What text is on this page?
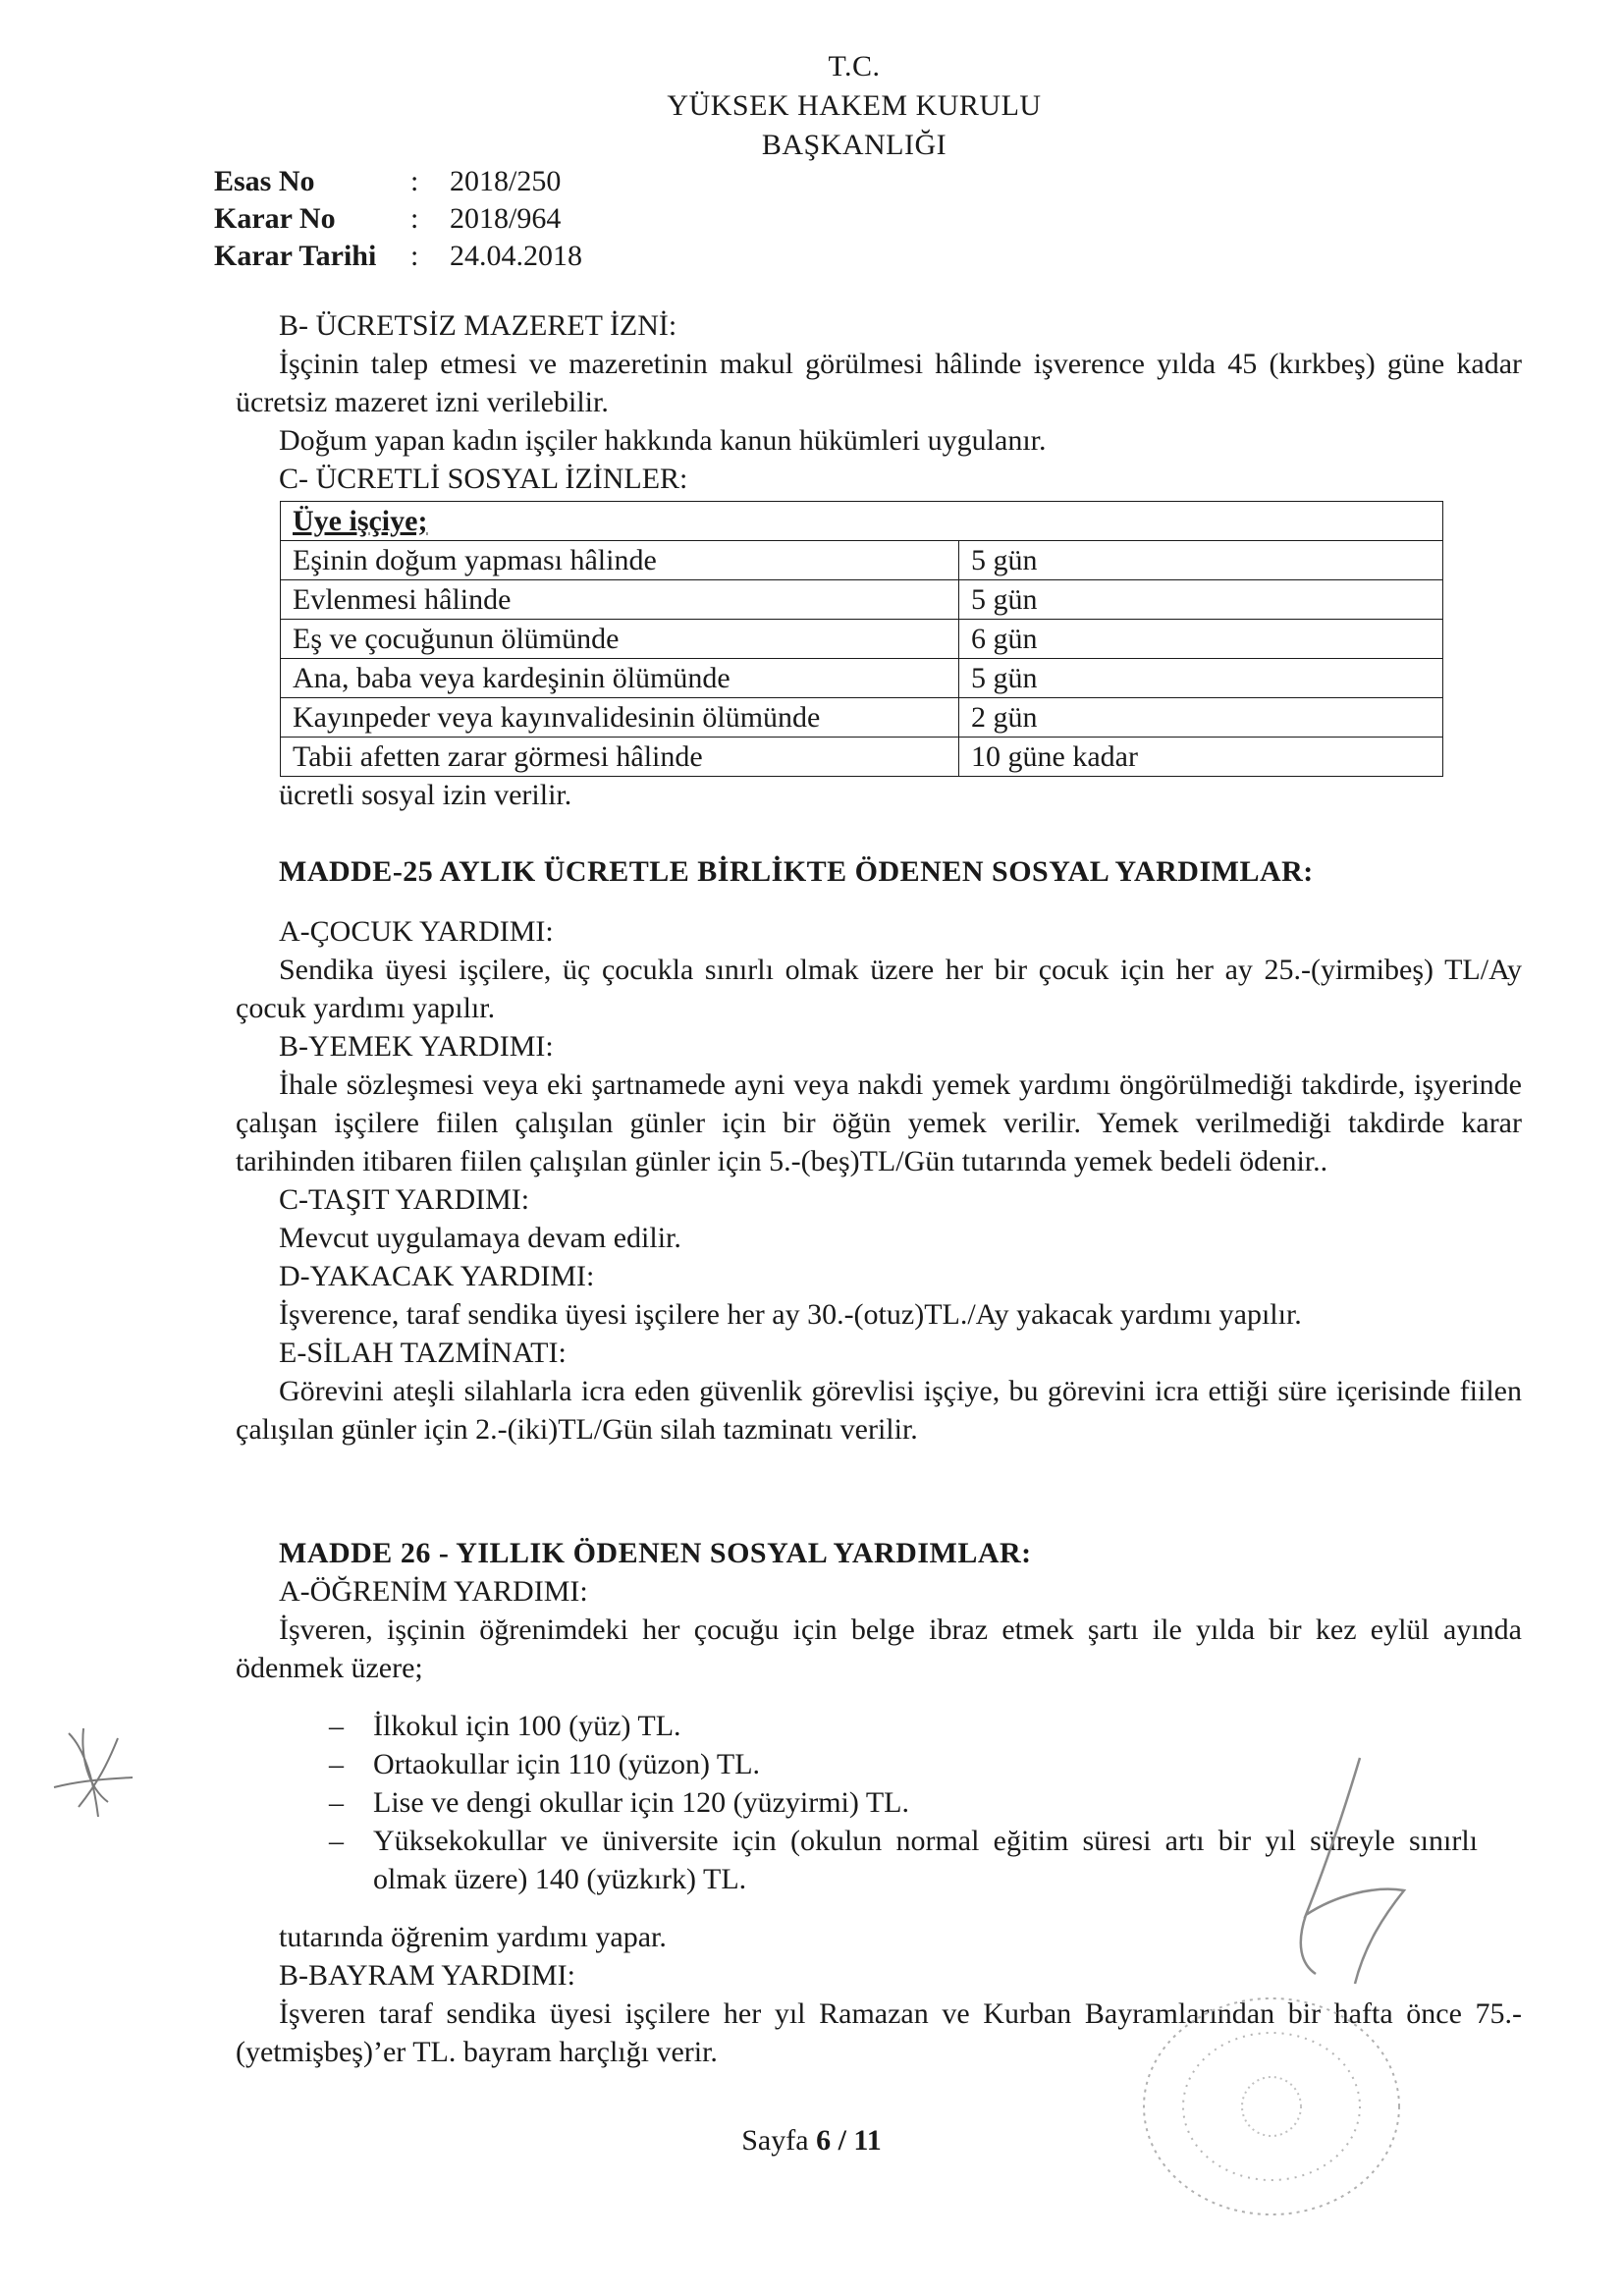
T.C.
YÜKSEK HAKEM KURULU
BAŞKANLIĞI
Esas No	: 2018/250
Karar No	: 2018/964
Karar Tarihi : 24.04.2018
B- ÜCRETSİZ MAZERET İZNİ:
İşçinin talep etmesi ve mazeretinin makul görülmesi hâlinde işverence yılda 45 (kırkbeş) güne kadar ücretsiz mazeret izni verilebilir.
Doğum yapan kadın işçiler hakkında kanun hükümleri uygulanır.
C- ÜCRETLİ SOSYAL İZİNLER:
Üye işçiye;	
Eşinin doğum yapması hâlinde	5 gün
Evlenmesi hâlinde	5 gün
Eş ve çocuğunun ölümünde	6 gün
Ana, baba veya kardeşinin ölümünde	5 gün
Kayınpeder veya kayınvalidesinin ölümünde	2 gün
Tabii afetten zarar görmesi hâlinde	10 güne kadar
ücretli sosyal izin verilir.
MADDE-25 AYLIK ÜCRETLE BİRLİKTE ÖDENEN SOSYAL YARDIMLAR:
A-ÇOCUK YARDIMI:
Sendika üyesi işçilere, üç çocukla sınırlı olmak üzere her bir çocuk için her ay 25.-(yirmibeş) TL/Ay çocuk yardımı yapılır.
B-YEMEK YARDIMI:
İhale sözleşmesi veya eki şartnamede ayni veya nakdi yemek yardımı öngörülmediği takdirde, işyerinde çalışan işçilere fiilen çalışılan günler için bir öğün yemek verilir. Yemek verilmediği takdirde karar tarihinden itibaren fiilen çalışılan günler için 5.-(beş)TL/Gün tutarında yemek bedeli ödenir..
C-TAŞIT YARDIMI:
Mevcut uygulamaya devam edilir.
D-YAKACAK YARDIMI:
İşverence, taraf sendika üyesi işçilere her ay 30.-(otuz)TL./Ay yakacak yardımı yapılır.
E-SİLAH TAZMİNATI:
Görevini ateşli silahlarla icra eden güvenlik görevlisi işçiye, bu görevini icra ettiği süre içerisinde fiilen çalışılan günler için 2.-(iki)TL/Gün silah tazminatı verilir.
MADDE 26 - YILLIK ÖDENEN SOSYAL YARDIMLAR:
A-ÖĞRENİM YARDIMI:
İşveren, işçinin öğrenimdeki her çocuğu için belge ibraz etmek şartı ile yılda bir kez eylül ayında ödenmek üzere;
– İlkokul için 100 (yüz) TL.
– Ortaokullar için 110 (yüzon) TL.
– Lise ve dengi okullar için 120 (yüzyirmi) TL.
– Yüksekokullar ve üniversite için (okulun normal eğitim süresi artı bir yıl süreyle sınırlı olmak üzere) 140 (yüzkırk) TL.
tutarında öğrenim yardımı yapar.
B-BAYRAM YARDIMI:
İşveren taraf sendika üyesi işçilere her yıl Ramazan ve Kurban Bayramlarından bir hafta önce 75.-(yetmişbeş)’er TL. bayram harçlığı verir.
Sayfa 6 / 11
